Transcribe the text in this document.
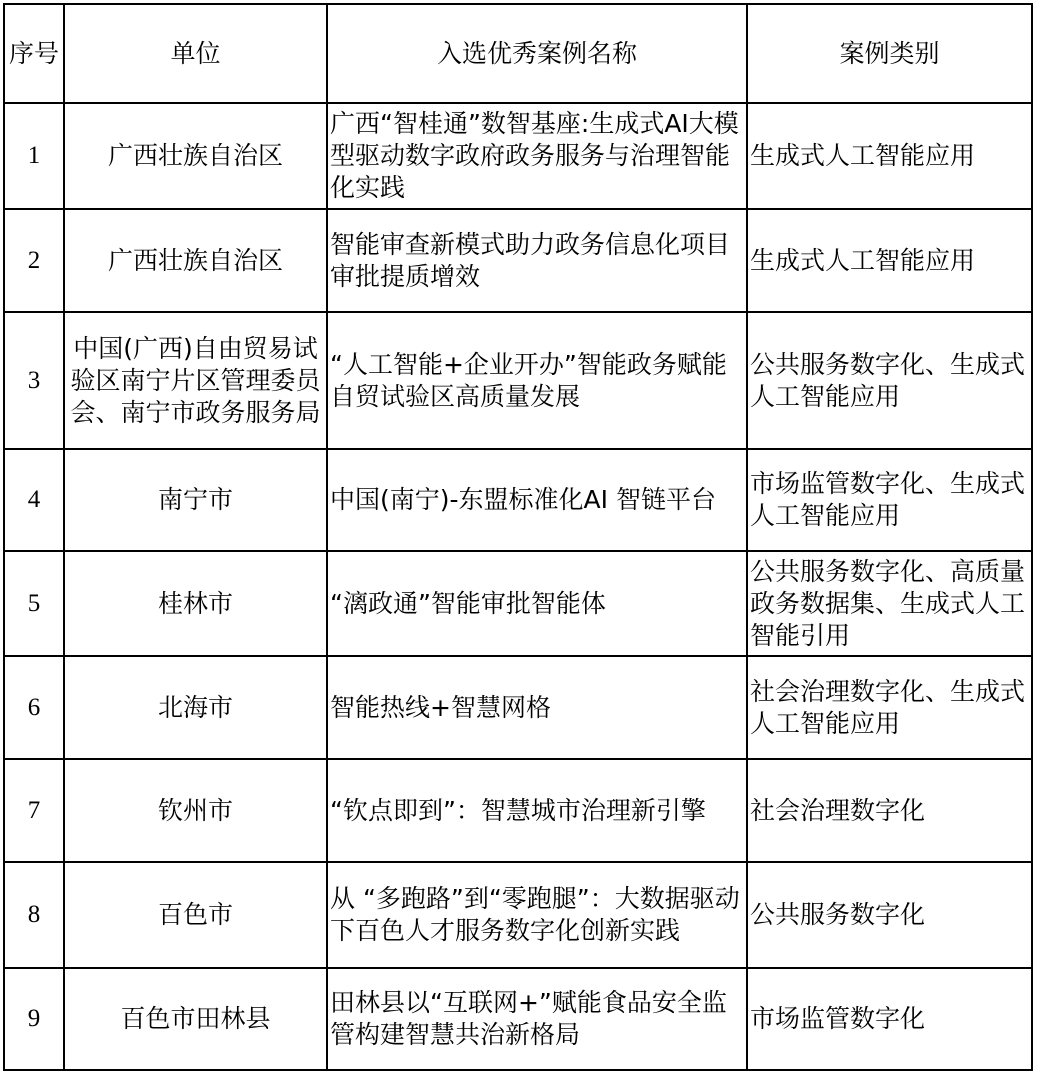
序号	单位	入选优秀案例名称	案例类别
1	广西壮族自治区	广西“智桂通”数智基座:生成式AI大模型驱动数字政府政务服务与治理智能化实践	生成式人工智能应用
2	广西壮族自治区	智能审查新模式助力政务信息化项目审批提质增效	生成式人工智能应用
3	中国(广西)自由贸易试验区南宁片区管理委员会、南宁市政务服务局	“人工智能+企业开办”智能政务赋能自贸试验区高质量发展	公共服务数字化、生成式人工智能应用
4	南宁市	中国(南宁)-东盟标准化AI 智链平台	市场监管数字化、生成式人工智能应用
5	桂林市	“漓政通”智能审批智能体	公共服务数字化、高质量政务数据集、生成式人工智能引用
6	北海市	智能热线+智慧网格	社会治理数字化、生成式人工智能应用
7	钦州市	“钦点即到”：智慧城市治理新引擎	社会治理数字化
8	百色市	从 “多跑路”到“零跑腿”：大数据驱动下百色人才服务数字化创新实践	公共服务数字化
9	百色市田林县	田林县以“互联网+”赋能食品安全监管构建智慧共治新格局	市场监管数字化
